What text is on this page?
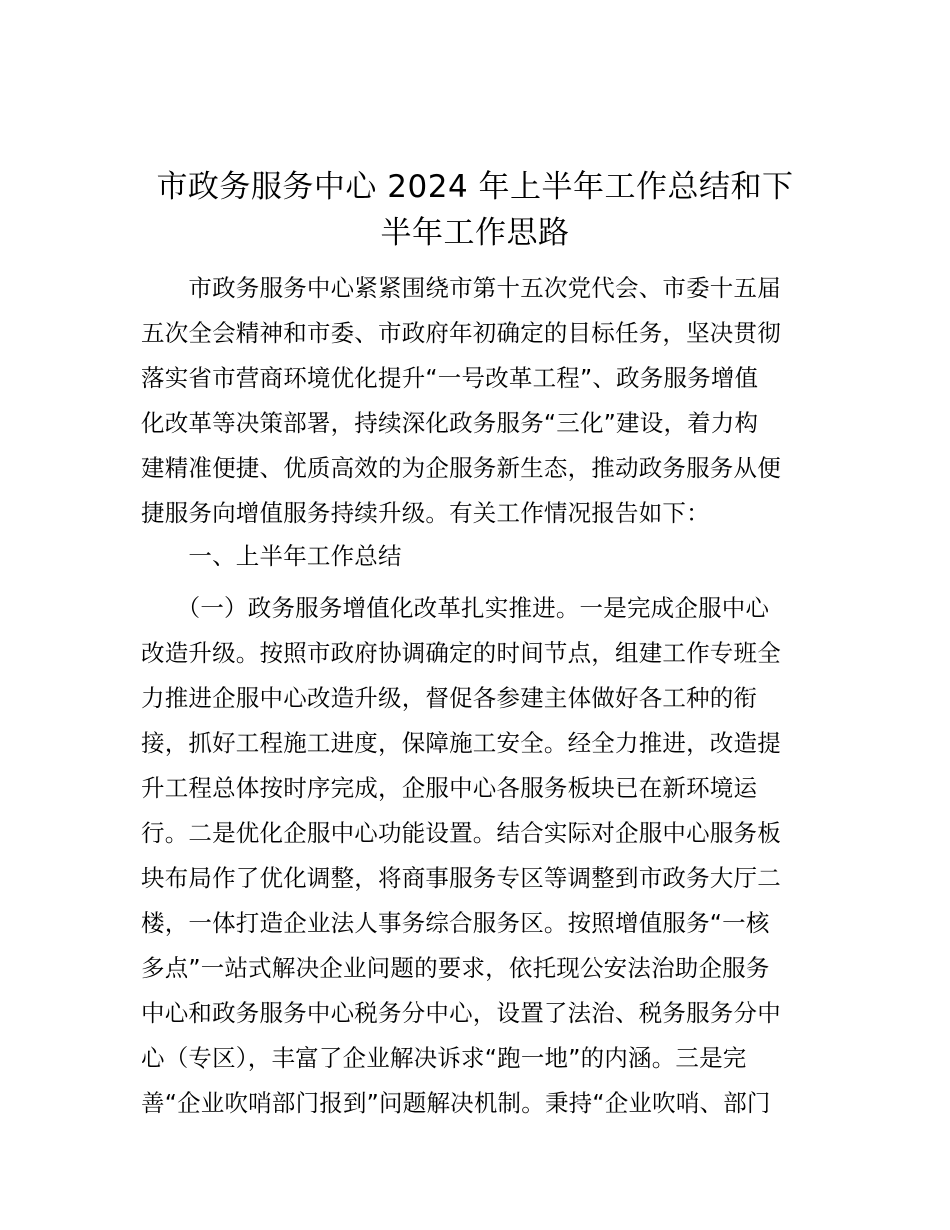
市政务服务中心 2024 年上半年工作总结和下
半年工作思路
　　市政务服务中心紧紧围绕市第十五次党代会、市委十五届
五次全会精神和市委、市政府年初确定的目标任务，坚决贯彻
落实省市营商环境优化提升“一号改革工程”、政务服务增值
化改革等决策部署，持续深化政务服务“三化”建设，着力构
建精准便捷、优质高效的为企服务新生态，推动政务服务从便
捷服务向增值服务持续升级。有关工作情况报告如下：
　　一、上半年工作总结
　　（一）政务服务增值化改革扎实推进。一是完成企服中心
改造升级。按照市政府协调确定的时间节点，组建工作专班全
力推进企服中心改造升级，督促各参建主体做好各工种的衔
接，抓好工程施工进度，保障施工安全。经全力推进，改造提
升工程总体按时序完成，企服中心各服务板块已在新环境运
行。二是优化企服中心功能设置。结合实际对企服中心服务板
块布局作了优化调整，将商事服务专区等调整到市政务大厅二
楼，一体打造企业法人事务综合服务区。按照增值服务“一核
多点”一站式解决企业问题的要求，依托现公安法治助企服务
中心和政务服务中心税务分中心，设置了法治、税务服务分中
心（专区），丰富了企业解决诉求“跑一地”的内涵。三是完
善“企业吹哨部门报到”问题解决机制。秉持“企业吹哨、部门
